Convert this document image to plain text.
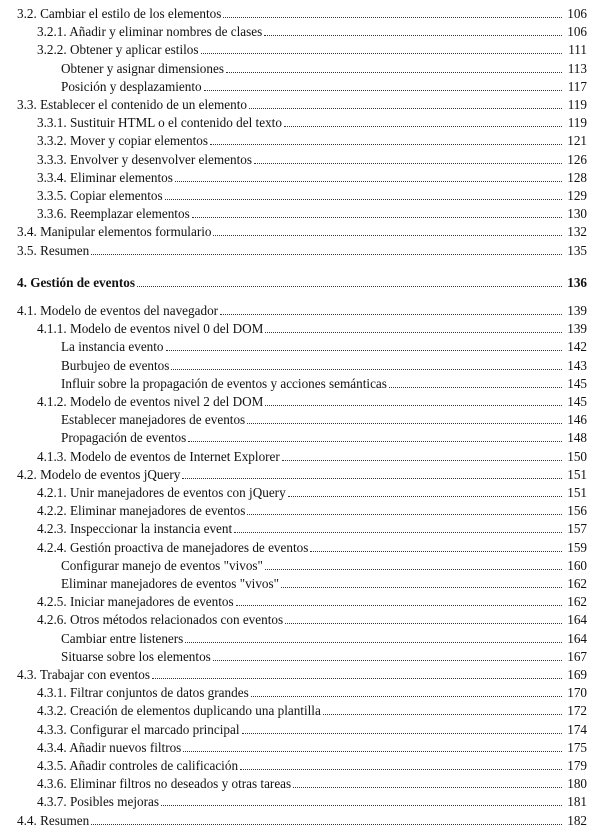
3.2. Cambiar el estilo de los elementos	106
3.2.1. Añadir y eliminar nombres de clases	106
3.2.2. Obtener y aplicar estilos	111
Obtener y asignar dimensiones	113
Posición y desplazamiento	117
3.3. Establecer el contenido de un elemento	119
3.3.1. Sustituir HTML o el contenido del texto	119
3.3.2. Mover y copiar elementos	121
3.3.3. Envolver y desenvolver elementos	126
3.3.4. Eliminar elementos	128
3.3.5. Copiar elementos	129
3.3.6. Reemplazar elementos	130
3.4. Manipular elementos formulario	132
3.5. Resumen	135
4. Gestión de eventos	136
4.1. Modelo de eventos del navegador	139
4.1.1. Modelo de eventos nivel 0 del DOM	139
La instancia evento	142
Burbujeo de eventos	143
Influir sobre la propagación de eventos y acciones semánticas	145
4.1.2. Modelo de eventos nivel 2 del DOM	145
Establecer manejadores de eventos	146
Propagación de eventos	148
4.1.3. Modelo de eventos de Internet Explorer	150
4.2. Modelo de eventos jQuery	151
4.2.1. Unir manejadores de eventos con jQuery	151
4.2.2. Eliminar manejadores de eventos	156
4.2.3. Inspeccionar la instancia event	157
4.2.4. Gestión proactiva de manejadores de eventos	159
Configurar manejo de eventos "vivos"	160
Eliminar manejadores de eventos "vivos"	162
4.2.5. Iniciar manejadores de eventos	162
4.2.6. Otros métodos relacionados con eventos	164
Cambiar entre listeners	164
Situarse sobre los elementos	167
4.3. Trabajar con eventos	169
4.3.1. Filtrar conjuntos de datos grandes	170
4.3.2. Creación de elementos duplicando una plantilla	172
4.3.3. Configurar el marcado principal	174
4.3.4. Añadir nuevos filtros	175
4.3.5. Añadir controles de calificación	179
4.3.6. Eliminar filtros no deseados y otras tareas	180
4.3.7. Posibles mejoras	181
4.4. Resumen	182
